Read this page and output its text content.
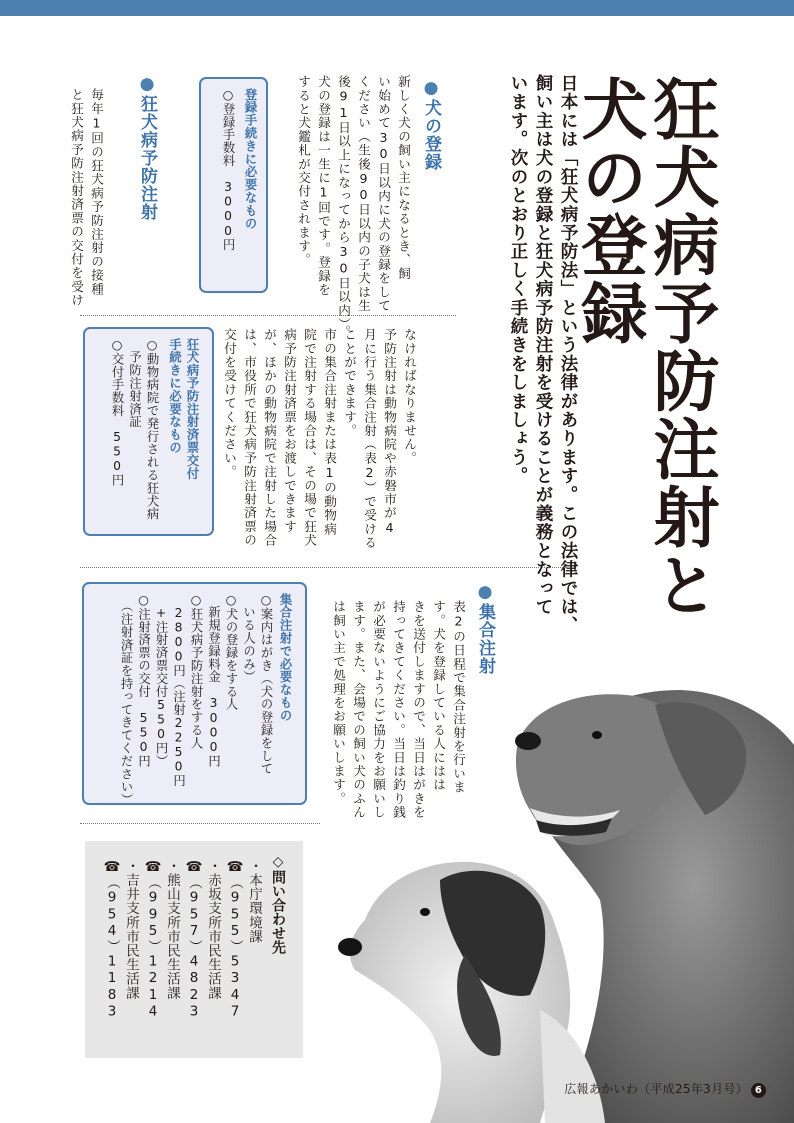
狂犬病予防注射と
犬の登録
日本には「狂犬病予防法」という法律があります。この法律では、
飼い主は犬の登録と狂犬病予防注射を受けることが義務となって
います。次のとおり正しく手続きをしましょう。
●犬の登録
新しく犬の飼い主になるとき、飼
い始めて30日以内に犬の登録をして
ください（生後90日以内の子犬は生
後91日以上になってから30日以内）。
犬の登録は一生に1回です。登録を
すると犬鑑札が交付されます。
登録手続きに必要なもの
○登録手数料　3000円
●狂犬病予防注射
毎年1回の狂犬病予防注射の接種
と狂犬病予防注射済票の交付を受け
なければなりません。
予防注射は動物病院や赤磐市が4
月に行う集合注射（表2）で受ける
ことができます。
市の集合注射または表1の動物病
院で注射する場合は、その場で狂犬
病予防注射済票をお渡しできます
が、ほかの動物病院で注射した場合
は、市役所で狂犬病予防注射済票の
交付を受けてください。
狂犬病予防注射済票交付
手続きに必要なもの
○動物病院で発行される狂犬病
　予防注射済証
○交付手数料　550円
●集合注射
表2の日程で集合注射を行いま
す。犬を登録している人にはは
きを送付しますので、当日はがきを
持ってきてください。当日は釣り銭
が必要ないようにご協力をお願いし
ます。また、会場での飼い犬のふん
は飼い主で処理をお願いします。
集合注射で必要なもの
○案内はがき（犬の登録をして
　いる人のみ）
○犬の登録をする人
　新規登録料金　3000円
○狂犬病予防注射をする人
　2800円（注射2250円
　+注射済票交付550円）
○注射済票の交付　550円
　（注射済証を持ってきてください）
◇問い合わせ先
・本庁環境課
☎（955）5347
・赤坂支所市民生活課
☎（957）4823
・熊山支所市民生活課
☎（995）1214
・吉井支所市民生活課
☎（954）1183
広報あかいわ（平成25年3月号） 6
